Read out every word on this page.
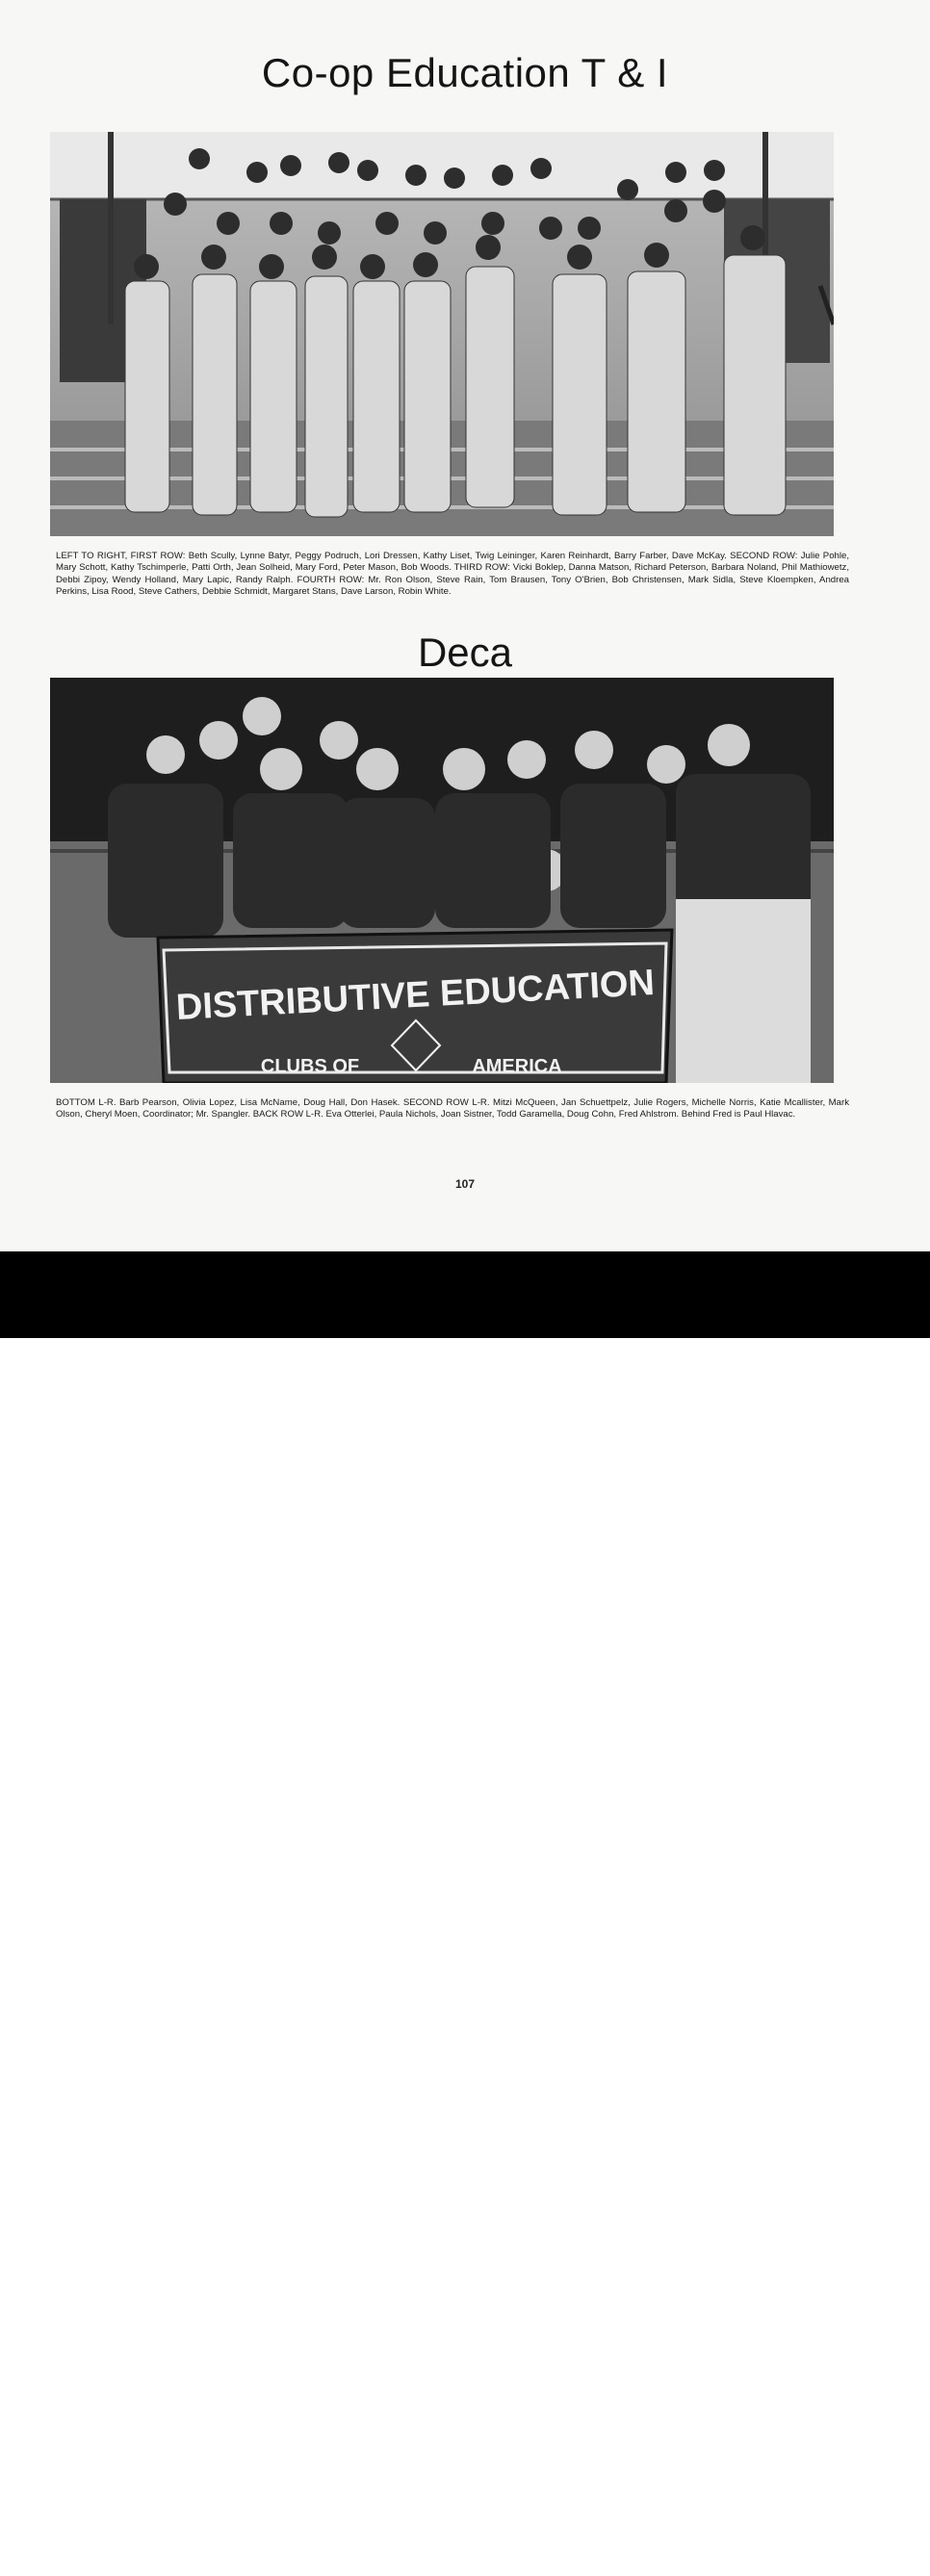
Co-op Education T & I
LEFT TO RIGHT, FIRST ROW: Beth Scully, Lynne Batyr, Peggy Podruch, Lori Dressen, Kathy Liset, Twig Leininger, Karen Reinhardt, Barry Farber, Dave McKay. SECOND ROW: Julie Pohle, Mary Schott, Kathy Tschimperle, Patti Orth, Jean Solheid, Mary Ford, Peter Mason, Bob Woods. THIRD ROW: Vicki Boklep, Danna Matson, Richard Peterson, Barbara Noland, Phil Mathiowetz, Debbi Zipoy, Wendy Holland, Mary Lapic, Randy Ralph. FOURTH ROW: Mr. Ron Olson, Steve Rain, Tom Brausen, Tony O'Brien, Bob Christensen, Mark Sidla, Steve Kloempken, Andrea Perkins, Lisa Rood, Steve Cathers, Debbie Schmidt, Margaret Stans, Dave Larson, Robin White.
Deca
DISTRIBUTIVE EDUCATION
CLUBS OF	AMERICA
BOTTOM L-R. Barb Pearson, Olivia Lopez, Lisa McName, Doug Hall, Don Hasek. SECOND ROW L-R. Mitzi McQueen, Jan Schuettpelz, Julie Rogers, Michelle Norris, Katie Mcallister, Mark Olson, Cheryl Moen, Coordinator; Mr. Spangler. BACK ROW L-R. Eva Otterlei, Paula Nichols, Joan Sistner, Todd Garamella, Doug Cohn, Fred Ahlstrom. Behind Fred is Paul Hlavac.
107
alamy	www.alamy.com
3ACMNX1
